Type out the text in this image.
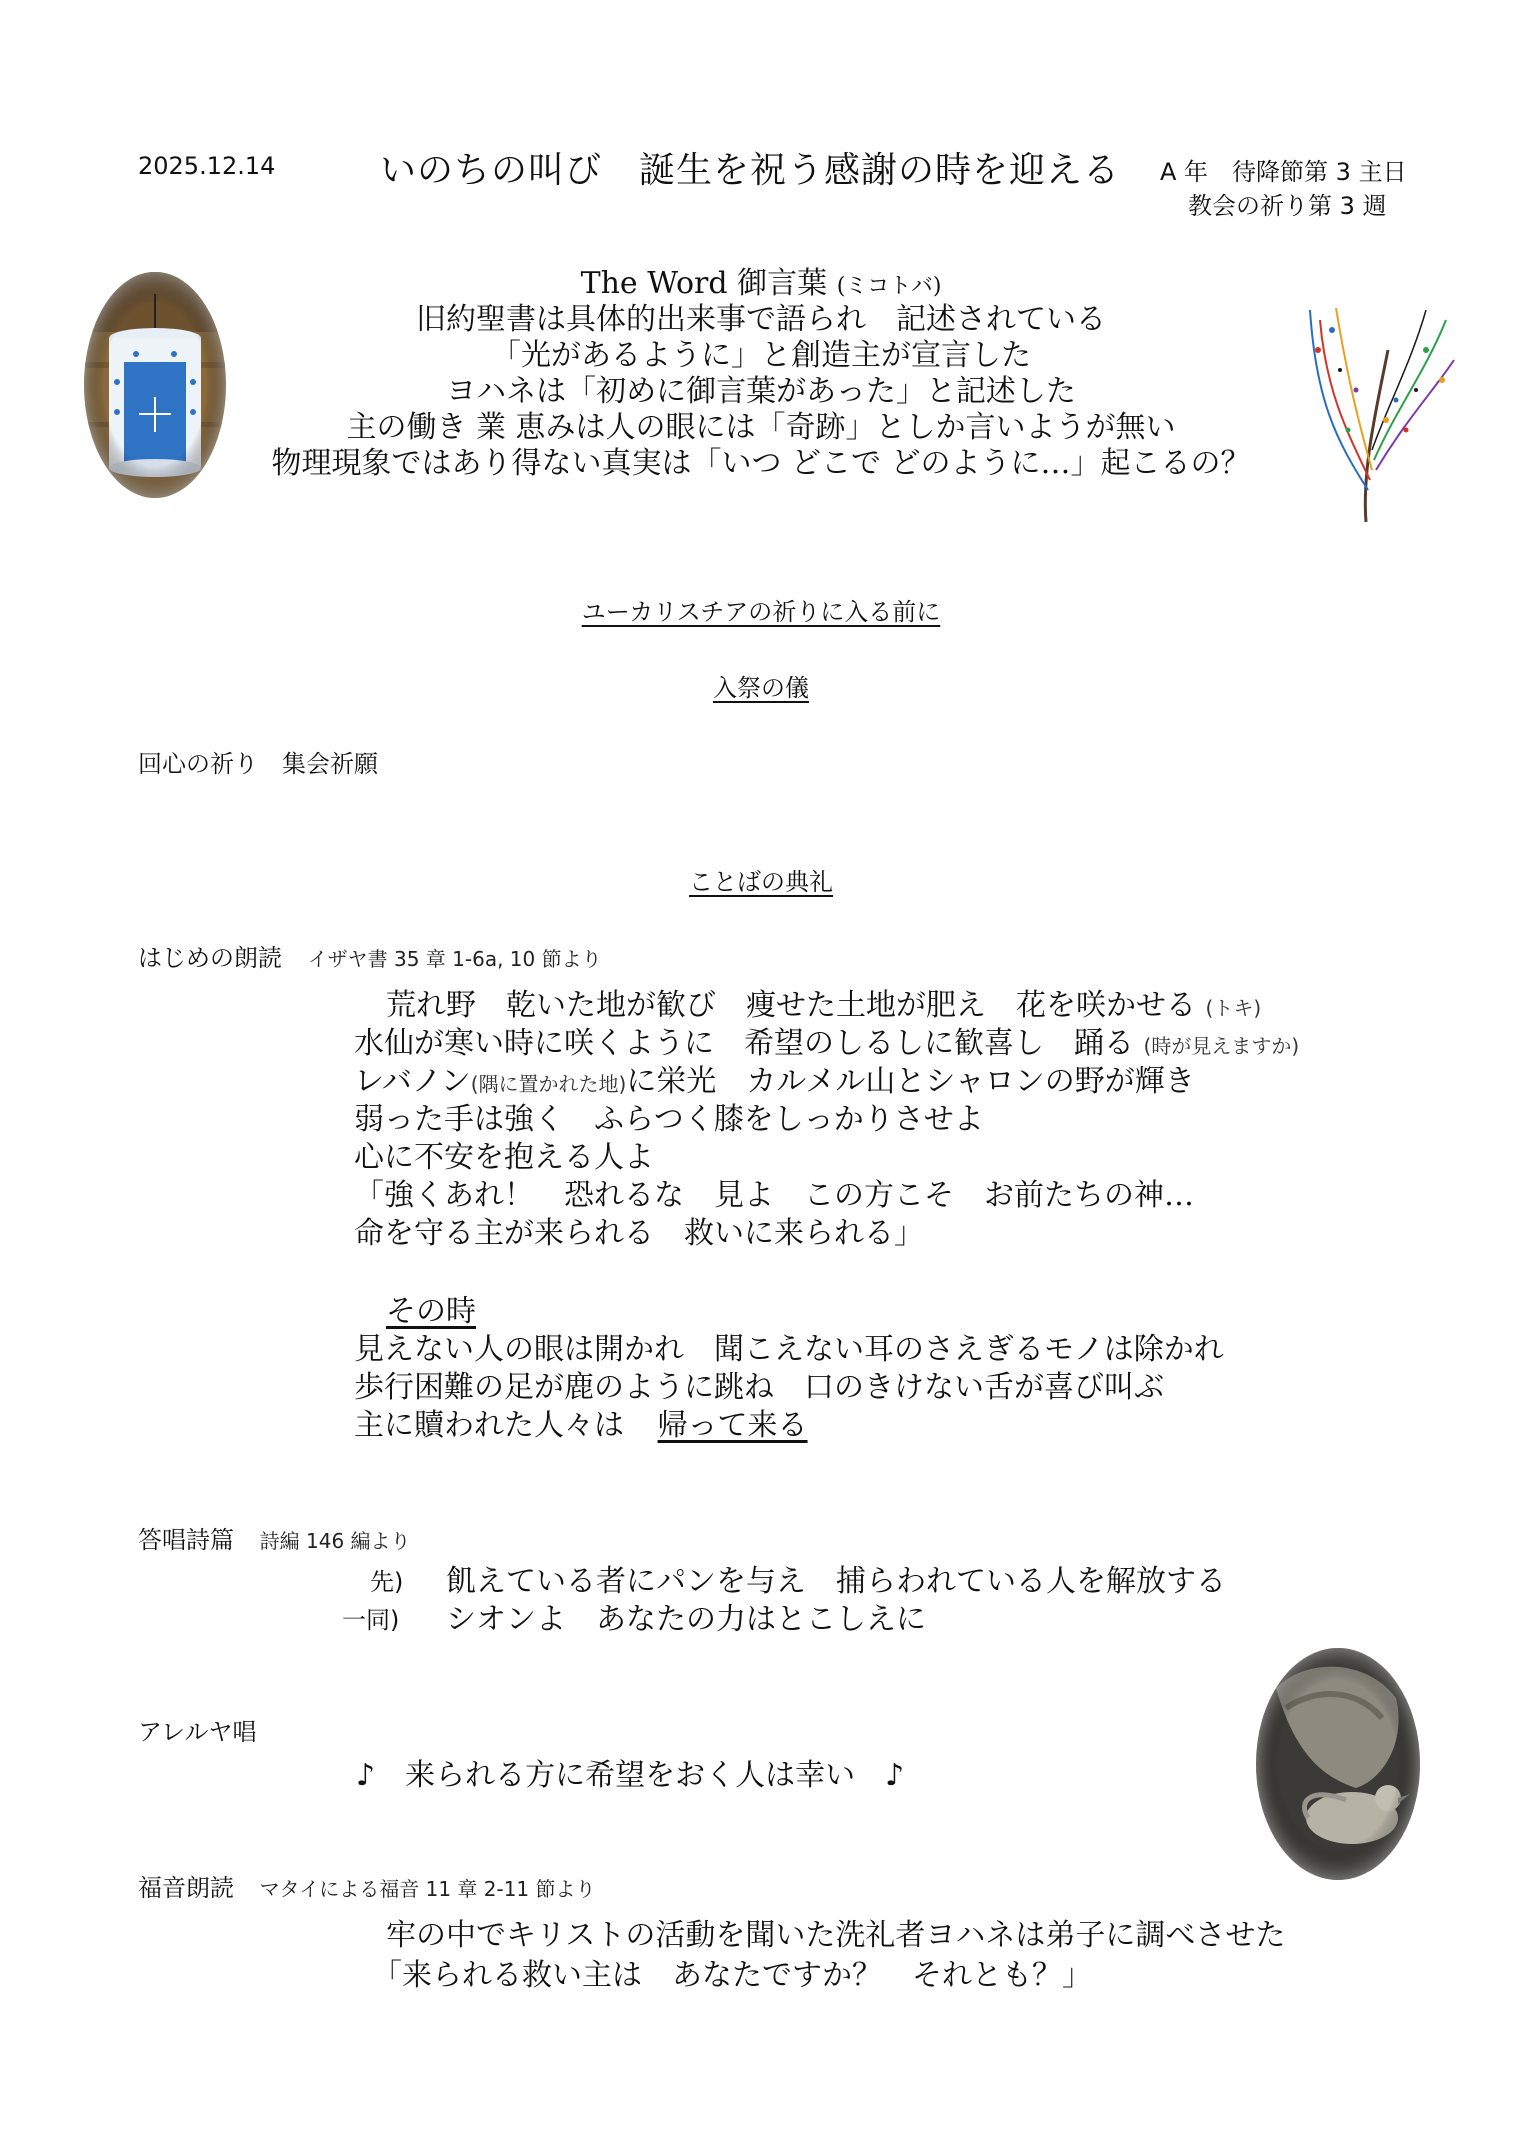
2025.12.14	いのちの叫び　誕生を祝う感謝の時を迎える A 年　待降節第 3 主日
教会の祈り第 3 週
The Word 御言葉 (ミコトバ)
旧約聖書は具体的出来事で語られ　記述されている
「光があるように」と創造主が宣言した
ヨハネは「初めに御言葉があった」と記述した
主の働き 業 恵みは人の眼には「奇跡」としか言いようが無い
物理現象ではあり得ない真実は「いつ どこで どのように…」起こるの？
ユーカリスチアの祈りに入る前に
入祭の儀
回心の祈り　集会祈願
ことばの典礼
はじめの朗読 イザヤ書 35 章 1-6a, 10 節より
荒れ野　乾いた地が歓び　痩せた土地が肥え　花を咲かせる (トキ)
水仙が寒い時に咲くように　希望のしるしに歓喜し　踊る (時が見えますか)
レバノン(隅に置かれた地)に栄光　カルメル山とシャロンの野が輝き
弱った手は強く　ふらつく膝をしっかりさせよ
心に不安を抱える人よ
「強くあれ！　恐れるな　見よ　この方こそ　お前たちの神…
命を守る主が来られる　救いに来られる」
その時
見えない人の眼は開かれ　聞こえない耳のさえぎるモノは除かれ
歩行困難の足が鹿のように跳ね　口のきけない舌が喜び叫ぶ
主に贖われた人々は 帰って来る
答唱詩篇 詩編 146 編より
先) 飢えている者にパンを与え　捕らわれている人を解放する
一同) シオンよ　あなたの力はとこしえに
アレルヤ唱
♪　来られる方に希望をおく人は幸い　♪
福音朗読 マタイによる福音 11 章 2-11 節より
牢の中でキリストの活動を聞いた洗礼者ヨハネは弟子に調べさせた
「来られる救い主は　あなたですか？　それとも？」
